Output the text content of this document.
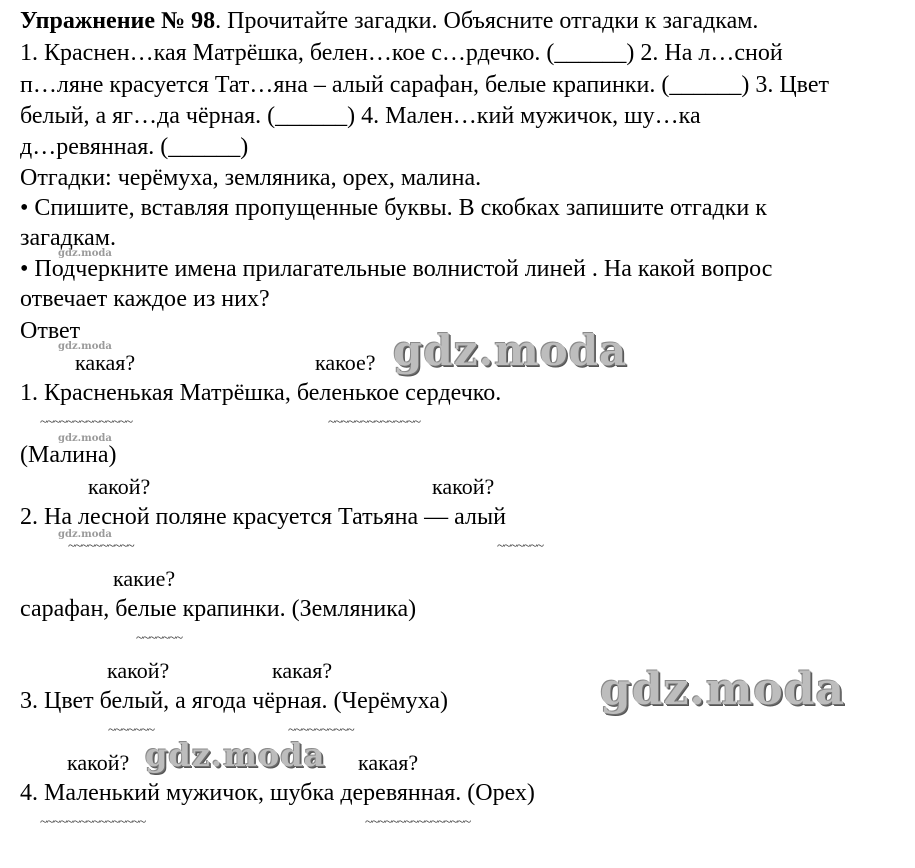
Упражнение № 98. Прочитайте загадки. Объясните отгадки к загадкам.
1. Краснен…кая Матрёшка, белен…кое с…рдечко. (______) 2. На л…сной
п…ляне красуется Тат…яна – алый сарафан, белые крапинки. (______) 3. Цвет
белый, а яг…да чёрная. (______) 4. Мален…кий мужичок, шу…ка
д…ревянная. (______)
Отгадки: черёмуха, земляника, орех, малина.
• Спишите, вставляя пропущенные буквы. В скобках запишите отгадки к
загадкам.
• Подчеркните имена прилагательные волнистой линей . На какой вопрос
отвечает каждое из них?
Ответ
какая?	какое?
1. Красненькая Матрёшка, беленькое сердечко.
~~~~~~~~~~~~~~	~~~~~~~~~~~~~~
(Малина)
какой?	какой?
2. На лесной поляне красуется Татьяна — алый
~~~~~~~~~~	~~~~~~~
какие?
сарафан, белые крапинки. (Земляника)
~~~~~~~
какой?	какая?
3. Цвет белый, а ягода чёрная. (Черёмуха)
~~~~~~~	~~~~~~~~~~
какой?	какая?
4. Маленький мужичок, шубка деревянная. (Орех)
~~~~~~~~~~~~~~~~	~~~~~~~~~~~~~~~~
gdz.moda
gdz.moda
gdz.moda
gdz.moda
gdz.moda
gdz.moda
gdz.moda
